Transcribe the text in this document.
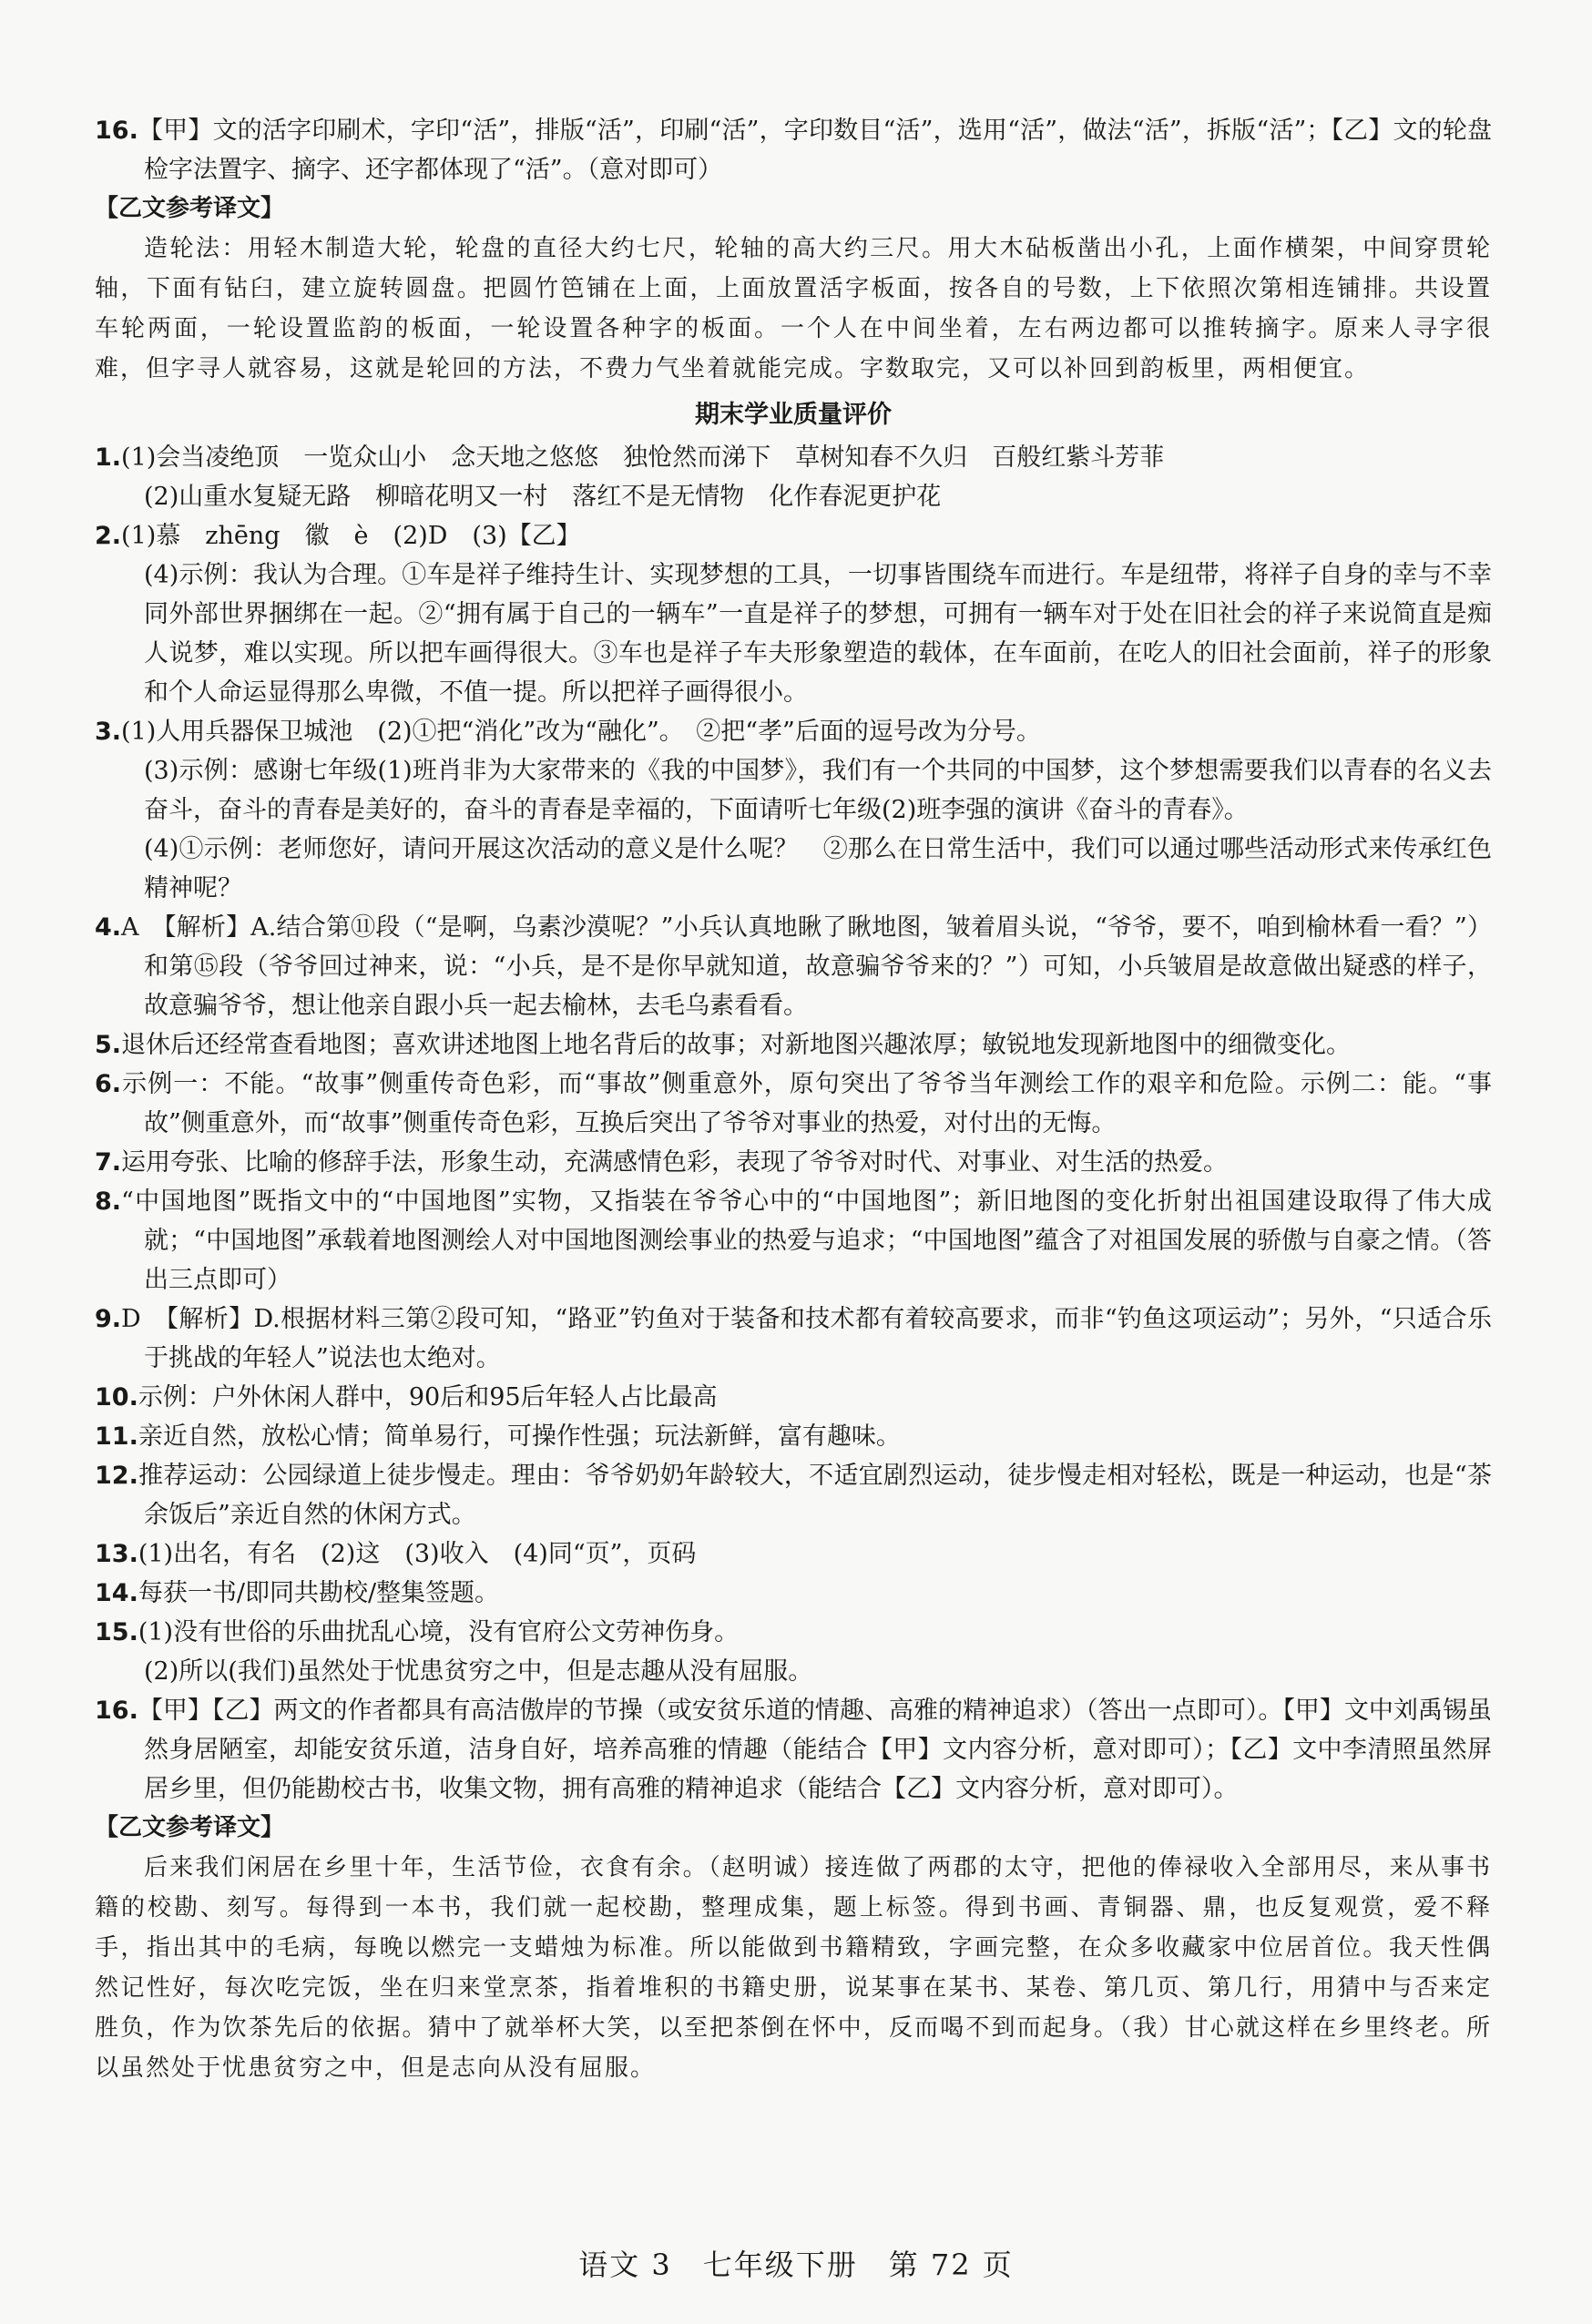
16.【甲】文的活字印刷术，字印“活”，排版“活”，印刷“活”，字印数目“活”，选用“活”，做法“活”，拆版“活”；【乙】文的轮盘检字法置字、摘字、还字都体现了“活”。（意对即可）

【乙文参考译文】

造轮法：用轻木制造大轮，轮盘的直径大约七尺，轮轴的高大约三尺。用大木砧板凿出小孔，上面作横架，中间穿贯轮轴，下面有钻臼，建立旋转圆盘。把圆竹笆铺在上面，上面放置活字板面，按各自的号数，上下依照次第相连铺排。共设置车轮两面，一轮设置监韵的板面，一轮设置各种字的板面。一个人在中间坐着，左右两边都可以推转摘字。原来人寻字很难，但字寻人就容易，这就是轮回的方法，不费力气坐着就能完成。字数取完，又可以补回到韵板里，两相便宜。

期末学业质量评价

1.(1)会当凌绝顶　一览众山小　念天地之悠悠　独怆然而涕下　草树知春不久归　百般红紫斗芳菲

(2)山重水复疑无路　柳暗花明又一村　落红不是无情物　化作春泥更护花

2.(1)慕　zhēng　徽　è　(2)D　(3)【乙】

(4)示例：我认为合理。①车是祥子维持生计、实现梦想的工具，一切事皆围绕车而进行。车是纽带，将祥子自身的幸与不幸同外部世界捆绑在一起。②“拥有属于自己的一辆车”一直是祥子的梦想，可拥有一辆车对于处在旧社会的祥子来说简直是痴人说梦，难以实现。所以把车画得很大。③车也是祥子车夫形象塑造的载体，在车面前，在吃人的旧社会面前，祥子的形象和个人命运显得那么卑微，不值一提。所以把祥子画得很小。

3.(1)人用兵器保卫城池　(2)①把“消化”改为“融化”。　②把“孝”后面的逗号改为分号。

(3)示例：感谢七年级(1)班肖非为大家带来的《我的中国梦》，我们有一个共同的中国梦，这个梦想需要我们以青春的名义去奋斗，奋斗的青春是美好的，奋斗的青春是幸福的，下面请听七年级(2)班李强的演讲《奋斗的青春》。

(4)①示例：老师您好，请问开展这次活动的意义是什么呢？　②那么在日常生活中，我们可以通过哪些活动形式来传承红色精神呢？

4.A　【解析】A.结合第⑪段（“是啊，乌素沙漠呢？”小兵认真地瞅了瞅地图，皱着眉头说，“爷爷，要不，咱到榆林看一看？”）和第⑮段（爷爷回过神来，说：“小兵，是不是你早就知道，故意骗爷爷来的？”）可知，小兵皱眉是故意做出疑惑的样子，故意骗爷爷，想让他亲自跟小兵一起去榆林，去毛乌素看看。

5.退休后还经常查看地图；喜欢讲述地图上地名背后的故事；对新地图兴趣浓厚；敏锐地发现新地图中的细微变化。

6.示例一：不能。“故事”侧重传奇色彩，而“事故”侧重意外，原句突出了爷爷当年测绘工作的艰辛和危险。示例二：能。“事故”侧重意外，而“故事”侧重传奇色彩，互换后突出了爷爷对事业的热爱，对付出的无悔。

7.运用夸张、比喻的修辞手法，形象生动，充满感情色彩，表现了爷爷对时代、对事业、对生活的热爱。

8.“中国地图”既指文中的“中国地图”实物，又指装在爷爷心中的“中国地图”；新旧地图的变化折射出祖国建设取得了伟大成就；“中国地图”承载着地图测绘人对中国地图测绘事业的热爱与追求；“中国地图”蕴含了对祖国发展的骄傲与自豪之情。（答出三点即可）

9.D　【解析】D.根据材料三第②段可知，“路亚”钓鱼对于装备和技术都有着较高要求，而非“钓鱼这项运动”；另外，“只适合乐于挑战的年轻人”说法也太绝对。

10.示例：户外休闲人群中，90后和95后年轻人占比最高

11.亲近自然，放松心情；简单易行，可操作性强；玩法新鲜，富有趣味。

12.推荐运动：公园绿道上徒步慢走。理由：爷爷奶奶年龄较大，不适宜剧烈运动，徒步慢走相对轻松，既是一种运动，也是“茶余饭后”亲近自然的休闲方式。

13.(1)出名，有名　(2)这　(3)收入　(4)同“页”，页码

14.每获一书/即同共勘校/整集签题。

15.(1)没有世俗的乐曲扰乱心境，没有官府公文劳神伤身。

(2)所以(我们)虽然处于忧患贫穷之中，但是志趣从没有屈服。

16.【甲】【乙】两文的作者都具有高洁傲岸的节操（或安贫乐道的情趣、高雅的精神追求）（答出一点即可）。【甲】文中刘禹锡虽然身居陋室，却能安贫乐道，洁身自好，培养高雅的情趣（能结合【甲】文内容分析，意对即可）；【乙】文中李清照虽然屏居乡里，但仍能勘校古书，收集文物，拥有高雅的精神追求（能结合【乙】文内容分析，意对即可）。

【乙文参考译文】

后来我们闲居在乡里十年，生活节俭，衣食有余。（赵明诚）接连做了两郡的太守，把他的俸禄收入全部用尽，来从事书籍的校勘、刻写。每得到一本书，我们就一起校勘，整理成集，题上标签。得到书画、青铜器、鼎，也反复观赏，爱不释手，指出其中的毛病，每晚以燃完一支蜡烛为标准。所以能做到书籍精致，字画完整，在众多收藏家中位居首位。我天性偶然记性好，每次吃完饭，坐在归来堂烹茶，指着堆积的书籍史册，说某事在某书、某卷、第几页、第几行，用猜中与否来定胜负，作为饮茶先后的依据。猜中了就举杯大笑，以至把茶倒在怀中，反而喝不到而起身。（我）甘心就这样在乡里终老。所以虽然处于忧患贫穷之中，但是志向从没有屈服。

语文 3　七年级下册　第 72 页
